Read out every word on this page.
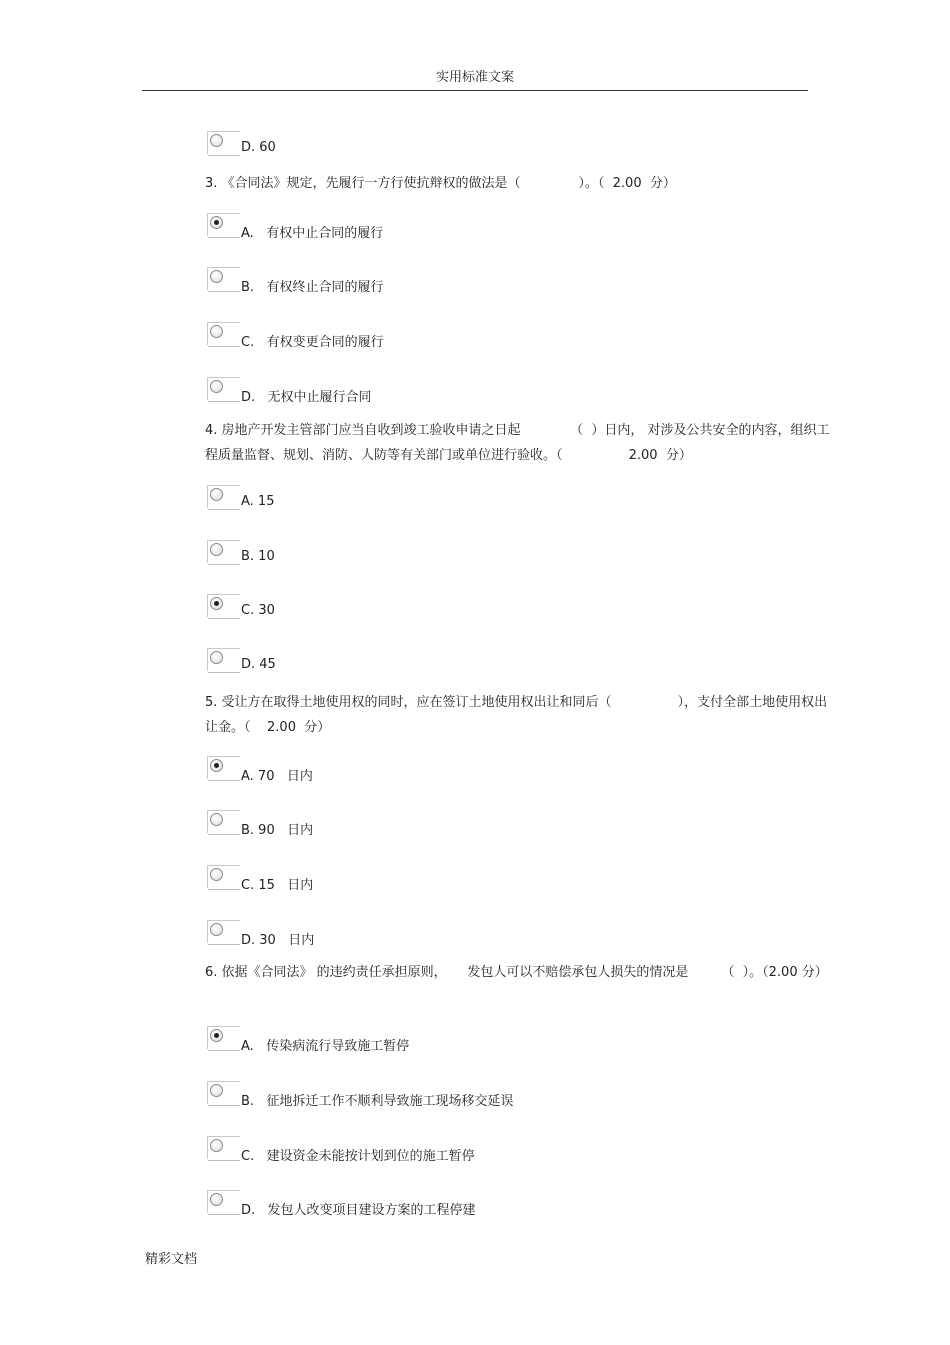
实用标准文案
D. 60
3. 《合同法》规定，先履行一方行使抗辩权的做法是（              ）。（  2.00  分）
A.   有权中止合同的履行
B.   有权终止合同的履行
C.   有权变更合同的履行
D.   无权中止履行合同
4. 房地产开发主管部门应当自收到竣工验收申请之日起            （  ）日内， 对涉及公共安全的内容，组织工程质量监督、规划、消防、人防等有关部门或单位进行验收。（                2.00  分）
A. 15
B. 10
C. 30
D. 45
5. 受让方在取得土地使用权的同时，应在签订土地使用权出让和同后（                ），支付全部土地使用权出让金。（    2.00  分）
A. 70   日内
B. 90   日内
C. 15   日内
D. 30   日内
6. 依据《合同法》 的违约责任承担原则，     发包人可以不赔偿承包人损失的情况是        （  ）。（2.00 分）
A.   传染病流行导致施工暂停
B.   征地拆迁工作不顺利导致施工现场移交延误
C.   建设资金未能按计划到位的施工暂停
D.   发包人改变项目建设方案的工程停建
精彩文档
